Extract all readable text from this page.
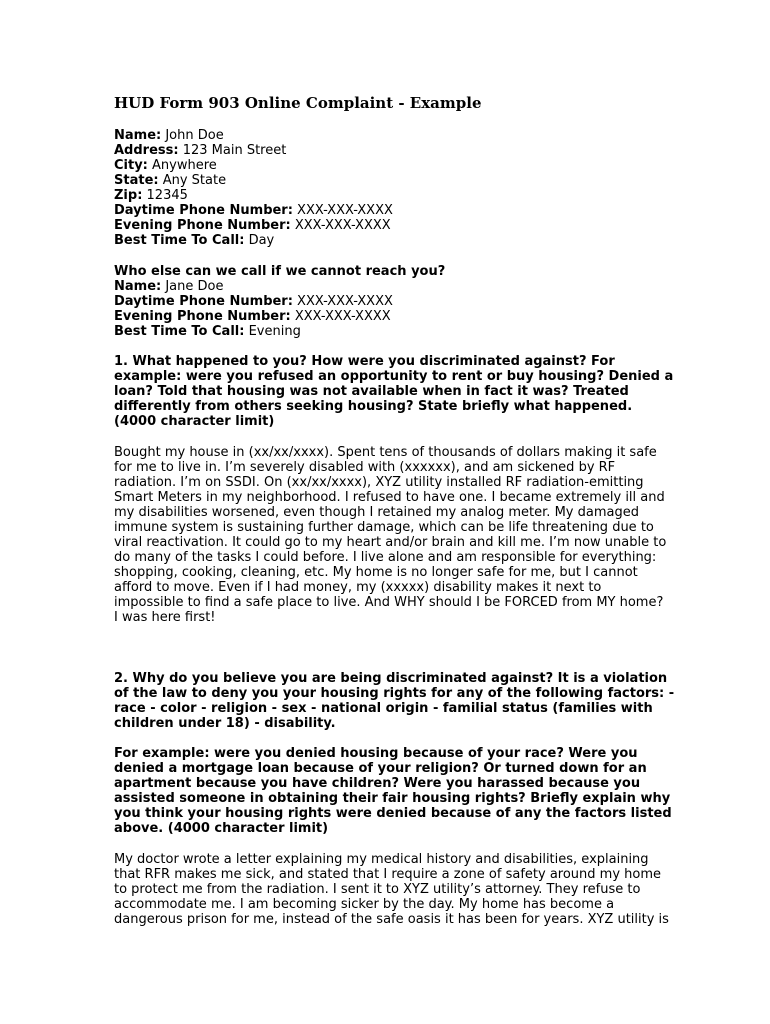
HUD Form 903 Online Complaint - Example
Name: John Doe
Address: 123 Main Street
City: Anywhere
State: Any State
Zip: 12345
Daytime Phone Number: XXX-XXX-XXXX
Evening Phone Number: XXX-XXX-XXXX
Best Time To Call: Day
Who else can we call if we cannot reach you?
Name: Jane Doe
Daytime Phone Number: XXX-XXX-XXXX
Evening Phone Number: XXX-XXX-XXXX
Best Time To Call: Evening
1. What happened to you? How were you discriminated against? For
example: were you refused an opportunity to rent or buy housing? Denied a
loan? Told that housing was not available when in fact it was? Treated
differently from others seeking housing? State briefly what happened.
(4000 character limit)
Bought my house in (xx/xx/xxxx). Spent tens of thousands of dollars making it safe
for me to live in. I’m severely disabled with (xxxxxx), and am sickened by RF
radiation. I’m on SSDI. On (xx/xx/xxxx), XYZ utility installed RF radiation-emitting
Smart Meters in my neighborhood. I refused to have one. I became extremely ill and
my disabilities worsened, even though I retained my analog meter. My damaged
immune system is sustaining further damage, which can be life threatening due to
viral reactivation. It could go to my heart and/or brain and kill me. I’m now unable to
do many of the tasks I could before. I live alone and am responsible for everything:
shopping, cooking, cleaning, etc. My home is no longer safe for me, but I cannot
afford to move. Even if I had money, my (xxxxx) disability makes it next to
impossible to find a safe place to live. And WHY should I be FORCED from MY home?
I was here first!
2. Why do you believe you are being discriminated against? It is a violation
of the law to deny you your housing rights for any of the following factors: -
race - color - religion - sex - national origin - familial status (families with
children under 18) - disability.
For example: were you denied housing because of your race? Were you
denied a mortgage loan because of your religion? Or turned down for an
apartment because you have children? Were you harassed because you
assisted someone in obtaining their fair housing rights? Briefly explain why
you think your housing rights were denied because of any the factors listed
above. (4000 character limit)
My doctor wrote a letter explaining my medical history and disabilities, explaining
that RFR makes me sick, and stated that I require a zone of safety around my home
to protect me from the radiation. I sent it to XYZ utility’s attorney. They refuse to
accommodate me. I am becoming sicker by the day. My home has become a
dangerous prison for me, instead of the safe oasis it has been for years. XYZ utility is
